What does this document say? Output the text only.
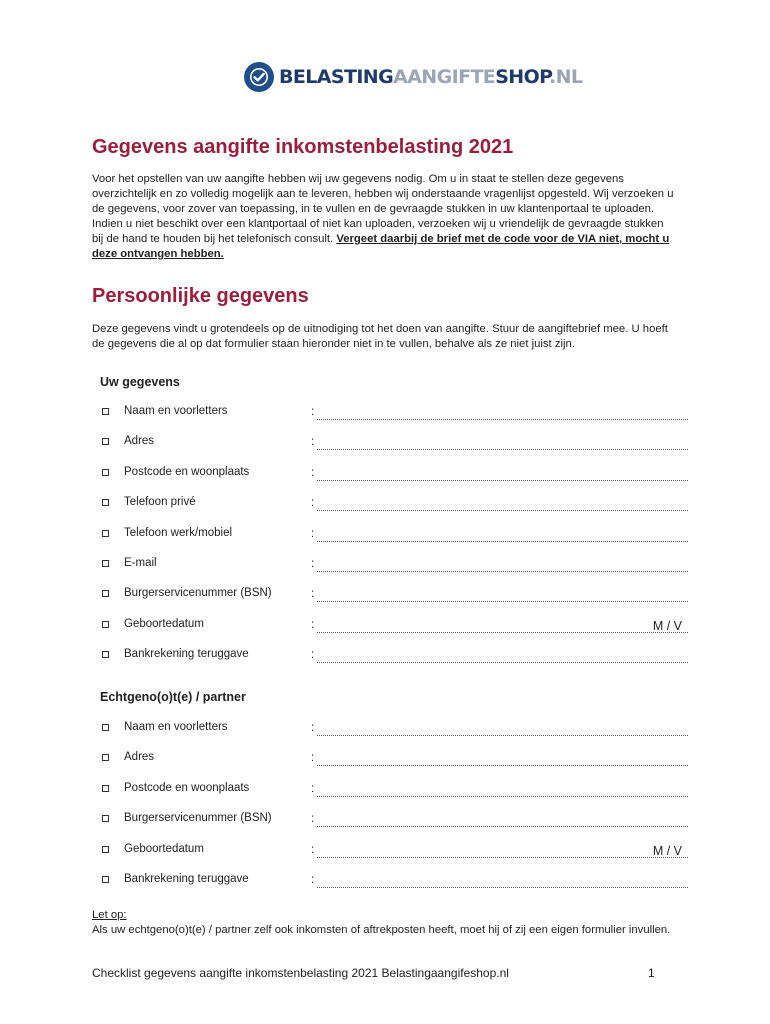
BELASTINGAANGIFTESHOP.NL
Gegevens aangifte inkomstenbelasting 2021

Voor het opstellen van uw aangifte hebben wij uw gegevens nodig. Om u in staat te stellen deze gegevens overzichtelijk en zo volledig mogelijk aan te leveren, hebben wij onderstaande vragenlijst opgesteld. Wij verzoeken u de gegevens, voor zover van toepassing, in te vullen en de gevraagde stukken in uw klantenportaal te uploaden. Indien u niet beschikt over een klantportaal of niet kan uploaden, verzoeken wij u vriendelijk de gevraagde stukken bij de hand te houden bij het telefonisch consult. Vergeet daarbij de brief met de code voor de VIA niet, mocht u deze ontvangen hebben.

Persoonlijke gegevens

Deze gegevens vindt u grotendeels op de uitnodiging tot het doen van aangifte. Stuur de aangiftebrief mee. U hoeft de gegevens die al op dat formulier staan hieronder niet in te vullen, behalve als ze niet juist zijn.

Uw gegevens
Naam en voorletters	:
Adres	:
Postcode en woonplaats	:
Telefoon privé	:
Telefoon werk/mobiel	:
E-mail	:
Burgerservicenummer (BSN)	:
Geboortedatum	:	M / V
Bankrekening teruggave	:
Echtgeno(o)t(e) / partner
Naam en voorletters	:
Adres	:
Postcode en woonplaats	:
Burgerservicenummer (BSN)	:
Geboortedatum	:	M / V
Bankrekening teruggave	:

Let op:
Als uw echtgeno(o)t(e) / partner zelf ook inkomsten of aftrekposten heeft, moet hij of zij een eigen formulier invullen.

Checklist gegevens aangifte inkomstenbelasting 2021 Belastingaangifeshop.nl	1
